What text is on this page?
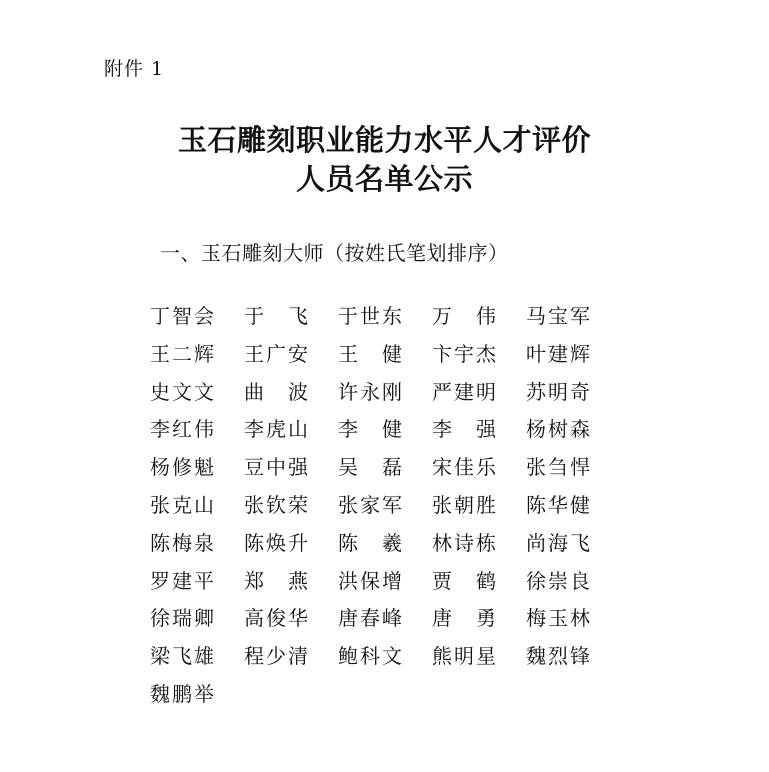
附件 1
玉石雕刻职业能力水平人才评价
人员名单公示
一、玉石雕刻大师（按姓氏笔划排序）
丁 智 会 于 飞 于 世 东 万 伟 马 宝 军
王 二 辉 王 广 安 王 健 卞 宇 杰 叶 建 辉
史 文 文 曲 波 许 永 刚 严 建 明 苏 明 奇
李 红 伟 李 虎 山 李 健 李 强 杨 树 森
杨 修 魁 豆 中 强 吴 磊 宋 佳 乐 张 刍 悍
张 克 山 张 钦 荣 张 家 军 张 朝 胜 陈 华 健
陈 梅 泉 陈 焕 升 陈 羲 林 诗 栋 尚 海 飞
罗 建 平 郑 燕 洪 保 增 贾 鹤 徐 崇 良
徐 瑞 卿 高 俊 华 唐 春 峰 唐 勇 梅 玉 林
梁 飞 雄 程 少 清 鲍 科 文 熊 明 星 魏 烈 锋
魏 鹏 举
